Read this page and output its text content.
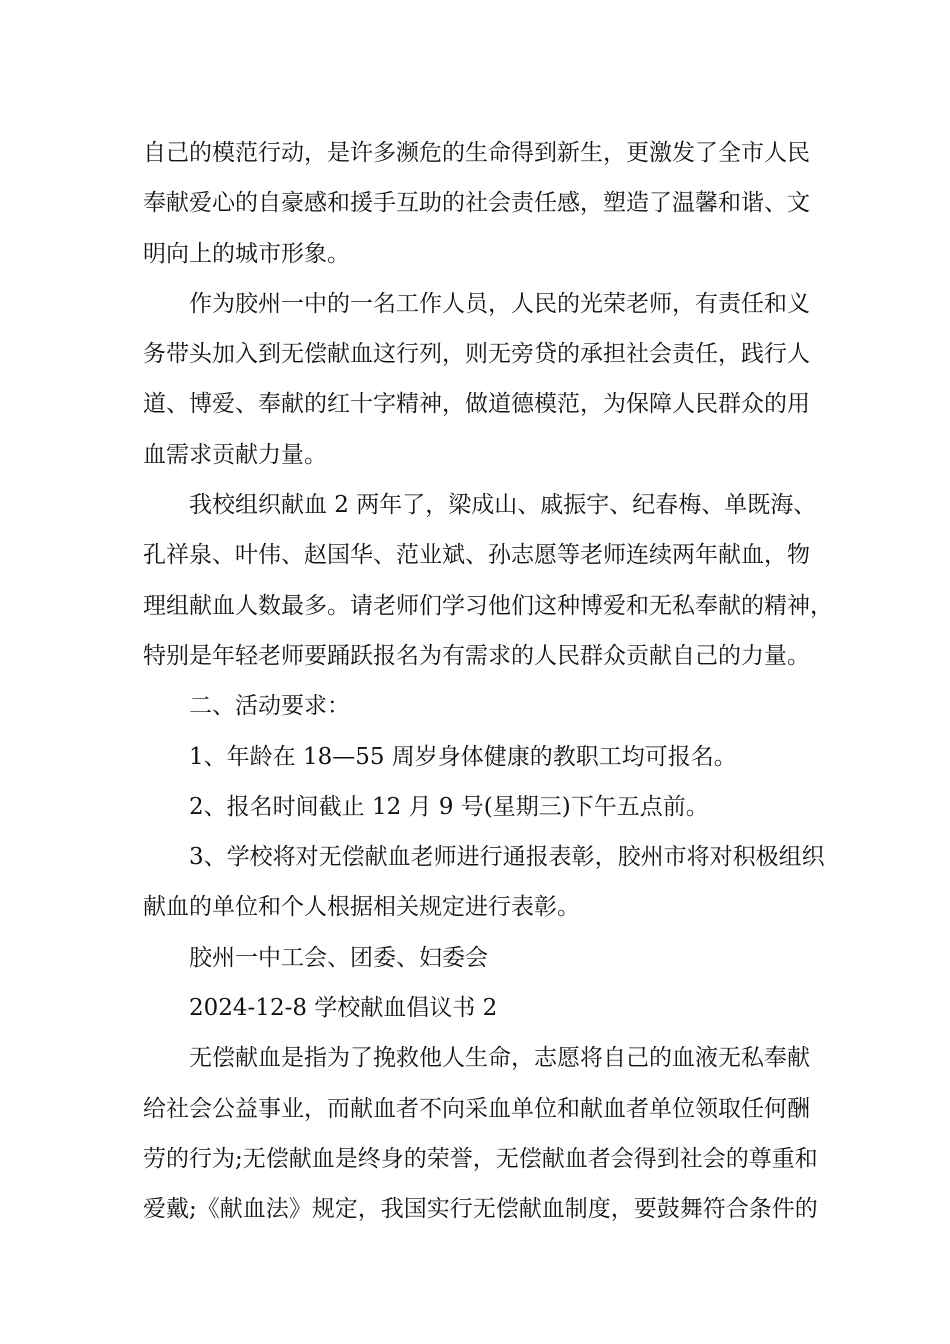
自己的模范行动，是许多濒危的生命得到新生，更激发了全市人民
奉献爱心的自豪感和援手互助的社会责任感，塑造了温馨和谐、文
明向上的城市形象。
作为胶州一中的一名工作人员，人民的光荣老师，有责任和义
务带头加入到无偿献血这行列，则无旁贷的承担社会责任，践行人
道、博爱、奉献的红十字精神，做道德模范，为保障人民群众的用
血需求贡献力量。
我校组织献血 2 两年了，梁成山、戚振宇、纪春梅、单既海、
孔祥泉、叶伟、赵国华、范业斌、孙志愿等老师连续两年献血，物
理组献血人数最多。请老师们学习他们这种博爱和无私奉献的精神，
特别是年轻老师要踊跃报名为有需求的人民群众贡献自己的力量。
二、活动要求：
1、年龄在 18—55 周岁身体健康的教职工均可报名。
2、报名时间截止 12 月 9 号(星期三)下午五点前。
3、学校将对无偿献血老师进行通报表彰，胶州市将对积极组织
献血的单位和个人根据相关规定进行表彰。
胶州一中工会、团委、妇委会
2024-12-8 学校献血倡议书 2
无偿献血是指为了挽救他人生命，志愿将自己的血液无私奉献
给社会公益事业，而献血者不向采血单位和献血者单位领取任何酬
劳的行为;无偿献血是终身的荣誉，无偿献血者会得到社会的尊重和
爱戴;《献血法》规定，我国实行无偿献血制度，要鼓舞符合条件的
